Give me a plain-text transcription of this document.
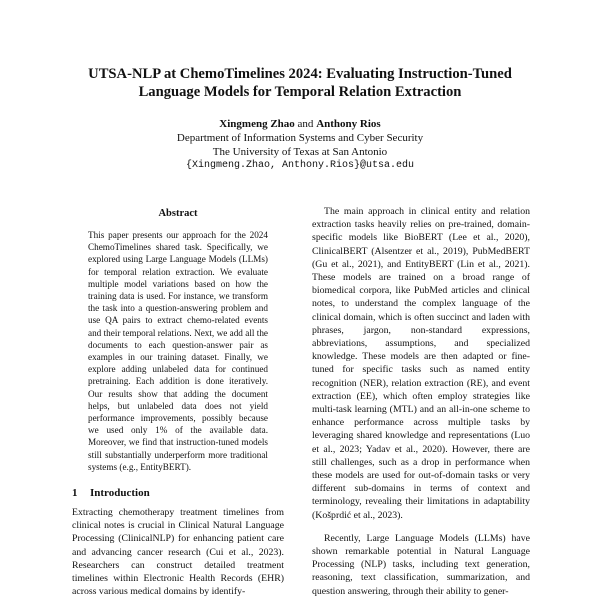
UTSA-NLP at ChemoTimelines 2024: Evaluating Instruction-Tuned
Language Models for Temporal Relation Extraction
Xingmeng Zhao and Anthony Rios
Department of Information Systems and Cyber Security
The University of Texas at San Antonio
{Xingmeng.Zhao, Anthony.Rios}@utsa.edu
Abstract

This paper presents our approach for the 2024 ChemoTimelines shared task. Specifically, we explored using Large Language Models (LLMs) for temporal relation extraction. We evaluate multiple model variations based on how the training data is used. For instance, we transform the task into a question-answering problem and use QA pairs to extract chemo-related events and their temporal relations. Next, we add all the documents to each question-answer pair as examples in our training dataset. Finally, we explore adding unlabeled data for continued pretraining. Each addition is done iteratively. Our results show that adding the document helps, but unlabeled data does not yield performance improvements, possibly because we used only 1% of the available data. Moreover, we find that instruction-tuned models still substantially underperform more traditional systems (e.g., EntityBERT).

1 Introduction

Extracting chemotherapy treatment timelines from clinical notes is crucial in Clinical Natural Language Processing (ClinicalNLP) for enhancing patient care and advancing cancer research (Cui et al., 2023). Researchers can construct detailed treatment timelines within Electronic Health Records (EHR) across various medical domains by identify-

The main approach in clinical entity and relation extraction tasks heavily relies on pre-trained, domain-specific models like BioBERT (Lee et al., 2020), ClinicalBERT (Alsentzer et al., 2019), PubMedBERT (Gu et al., 2021), and EntityBERT (Lin et al., 2021). These models are trained on a broad range of biomedical corpora, like PubMed articles and clinical notes, to understand the complex language of the clinical domain, which is often succinct and laden with phrases, jargon, non-standard expressions, abbreviations, assumptions, and specialized knowledge. These models are then adapted or fine-tuned for specific tasks such as named entity recognition (NER), relation extraction (RE), and event extraction (EE), which often employ strategies like multi-task learning (MTL) and an all-in-one scheme to enhance performance across multiple tasks by leveraging shared knowledge and representations (Luo et al., 2023; Yadav et al., 2020). However, there are still challenges, such as a drop in performance when these models are used for out-of-domain tasks or very different sub-domains in terms of context and terminology, revealing their limitations in adaptability (Košprdić et al., 2023).

Recently, Large Language Models (LLMs) have shown remarkable potential in Natural Language Processing (NLP) tasks, including text generation, reasoning, text classification, summarization, and question answering, through their ability to gener-
